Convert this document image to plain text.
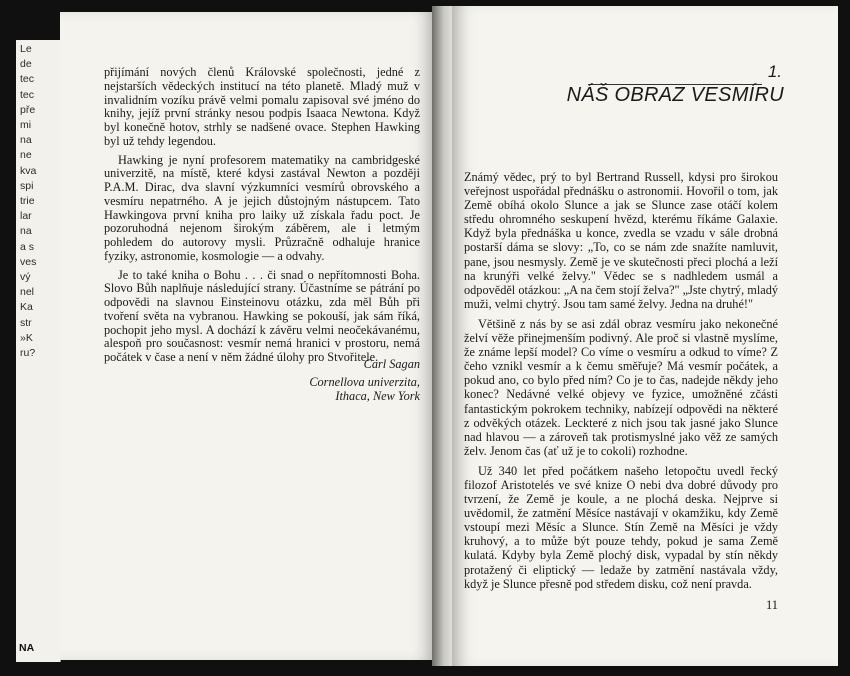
Le
de
tec
tec
pře
mi
na
ne
kva
spi
trie
lar
na
a s
ves
vý
nel
Ka
str
»K
ru?
NA

přijímání nových členů Královské společnosti, jedné z nejstarších vědeckých institucí na této planetě. Mladý muž v invalidním vozíku právě velmi pomalu zapisoval své jméno do knihy, jejíž první stránky nesou podpis Isaaca Newtona. Když byl konečně hotov, strhly se nadšené ovace. Stephen Hawking byl už tehdy legendou.

Hawking je nyní profesorem matematiky na cambridgeské univerzitě, na místě, které kdysi zastával Newton a později P.A.M. Dirac, dva slavní výzkumníci vesmírů obrovského a vesmíru nepatrného. A je jejich důstojným nástupcem. Tato Hawkingova první kniha pro laiky už získala řadu poct. Je pozoruhodná nejenom širokým záběrem, ale i letmým pohledem do autorovy mysli. Průzračně odhaluje hranice fyziky, astronomie, kosmologie — a odvahy.

Je to také kniha o Bohu . . . či snad o nepřítomnosti Boha. Slovo Bůh naplňuje následující strany. Účastníme se pátrání po odpovědi na slavnou Einsteinovu otázku, zda měl Bůh při tvoření světa na vybranou. Hawking se pokouší, jak sám říká, pochopit jeho mysl. A dochází k závěru velmi neočekávanému, alespoň pro současnost: vesmír nemá hranici v prostoru, nemá počátek v čase a není v něm žádné úlohy pro Stvořitele.

Carl Sagan
Cornellova univerzita,
Ithaca, New York
1.
NÁŠ OBRAZ VESMÍRU

Známý vědec, prý to byl Bertrand Russell, kdysi pro širokou veřejnost uspořádal přednášku o astronomii. Hovořil o tom, jak Země obíhá okolo Slunce a jak se Slunce zase otáčí kolem středu ohromného seskupení hvězd, kterému říkáme Galaxie. Když byla přednáška u konce, zvedla se vzadu v sále drobná postarší dáma se slovy: „To, co se nám zde snažíte namluvit, pane, jsou nesmysly. Země je ve skutečnosti přeci plochá a leží na krunýři velké želvy." Vědec se s nadhledem usmál a odpověděl otázkou: „A na čem stojí želva?" „Jste chytrý, mladý muži, velmi chytrý. Jsou tam samé želvy. Jedna na druhé!"

Většině z nás by se asi zdál obraz vesmíru jako nekonečné želví věže přinejmenším podivný. Ale proč si vlastně myslíme, že známe lepší model? Co víme o vesmíru a odkud to víme? Z čeho vznikl vesmír a k čemu směřuje? Má vesmír počátek, a pokud ano, co bylo před ním? Co je to čas, nadejde někdy jeho konec? Nedávné velké objevy ve fyzice, umožněné zčásti fantastickým pokrokem techniky, nabízejí odpovědi na některé z odvěkých otázek. Leckteré z nich jsou tak jasné jako Slunce nad hlavou — a zároveň tak protismyslné jako věž ze samých želv. Jenom čas (ať už je to cokoli) rozhodne.

Už 340 let před počátkem našeho letopočtu uvedl řecký filozof Aristotelés ve své knize O nebi dva dobré důvody pro tvrzení, že Země je koule, a ne plochá deska. Nejprve si uvědomil, že zatmění Měsíce nastávají v okamžiku, kdy Země vstoupí mezi Měsíc a Slunce. Stín Země na Měsíci je vždy kruhový, a to může být pouze tehdy, pokud je sama Země kulatá. Kdyby byla Země plochý disk, vypadal by stín někdy protažený či eliptický — ledaže by zatmění nastávala vždy, když je Slunce přesně pod středem disku, což není pravda.

11
